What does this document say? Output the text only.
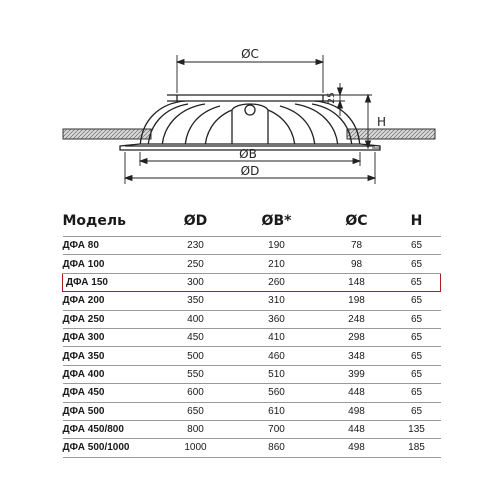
ØC
ØB
ØD
H
25
Модель	ØD	ØB*	ØC	H
ДФА 80	230	190	78	65
ДФА 100	250	210	98	65
ДФА 150	300	260	148	65
ДФА 200	350	310	198	65
ДФА 250	400	360	248	65
ДФА 300	450	410	298	65
ДФА 350	500	460	348	65
ДФА 400	550	510	399	65
ДФА 450	600	560	448	65
ДФА 500	650	610	498	65
ДФА 450/800	800	700	448	135
ДФА 500/1000	1000	860	498	185
